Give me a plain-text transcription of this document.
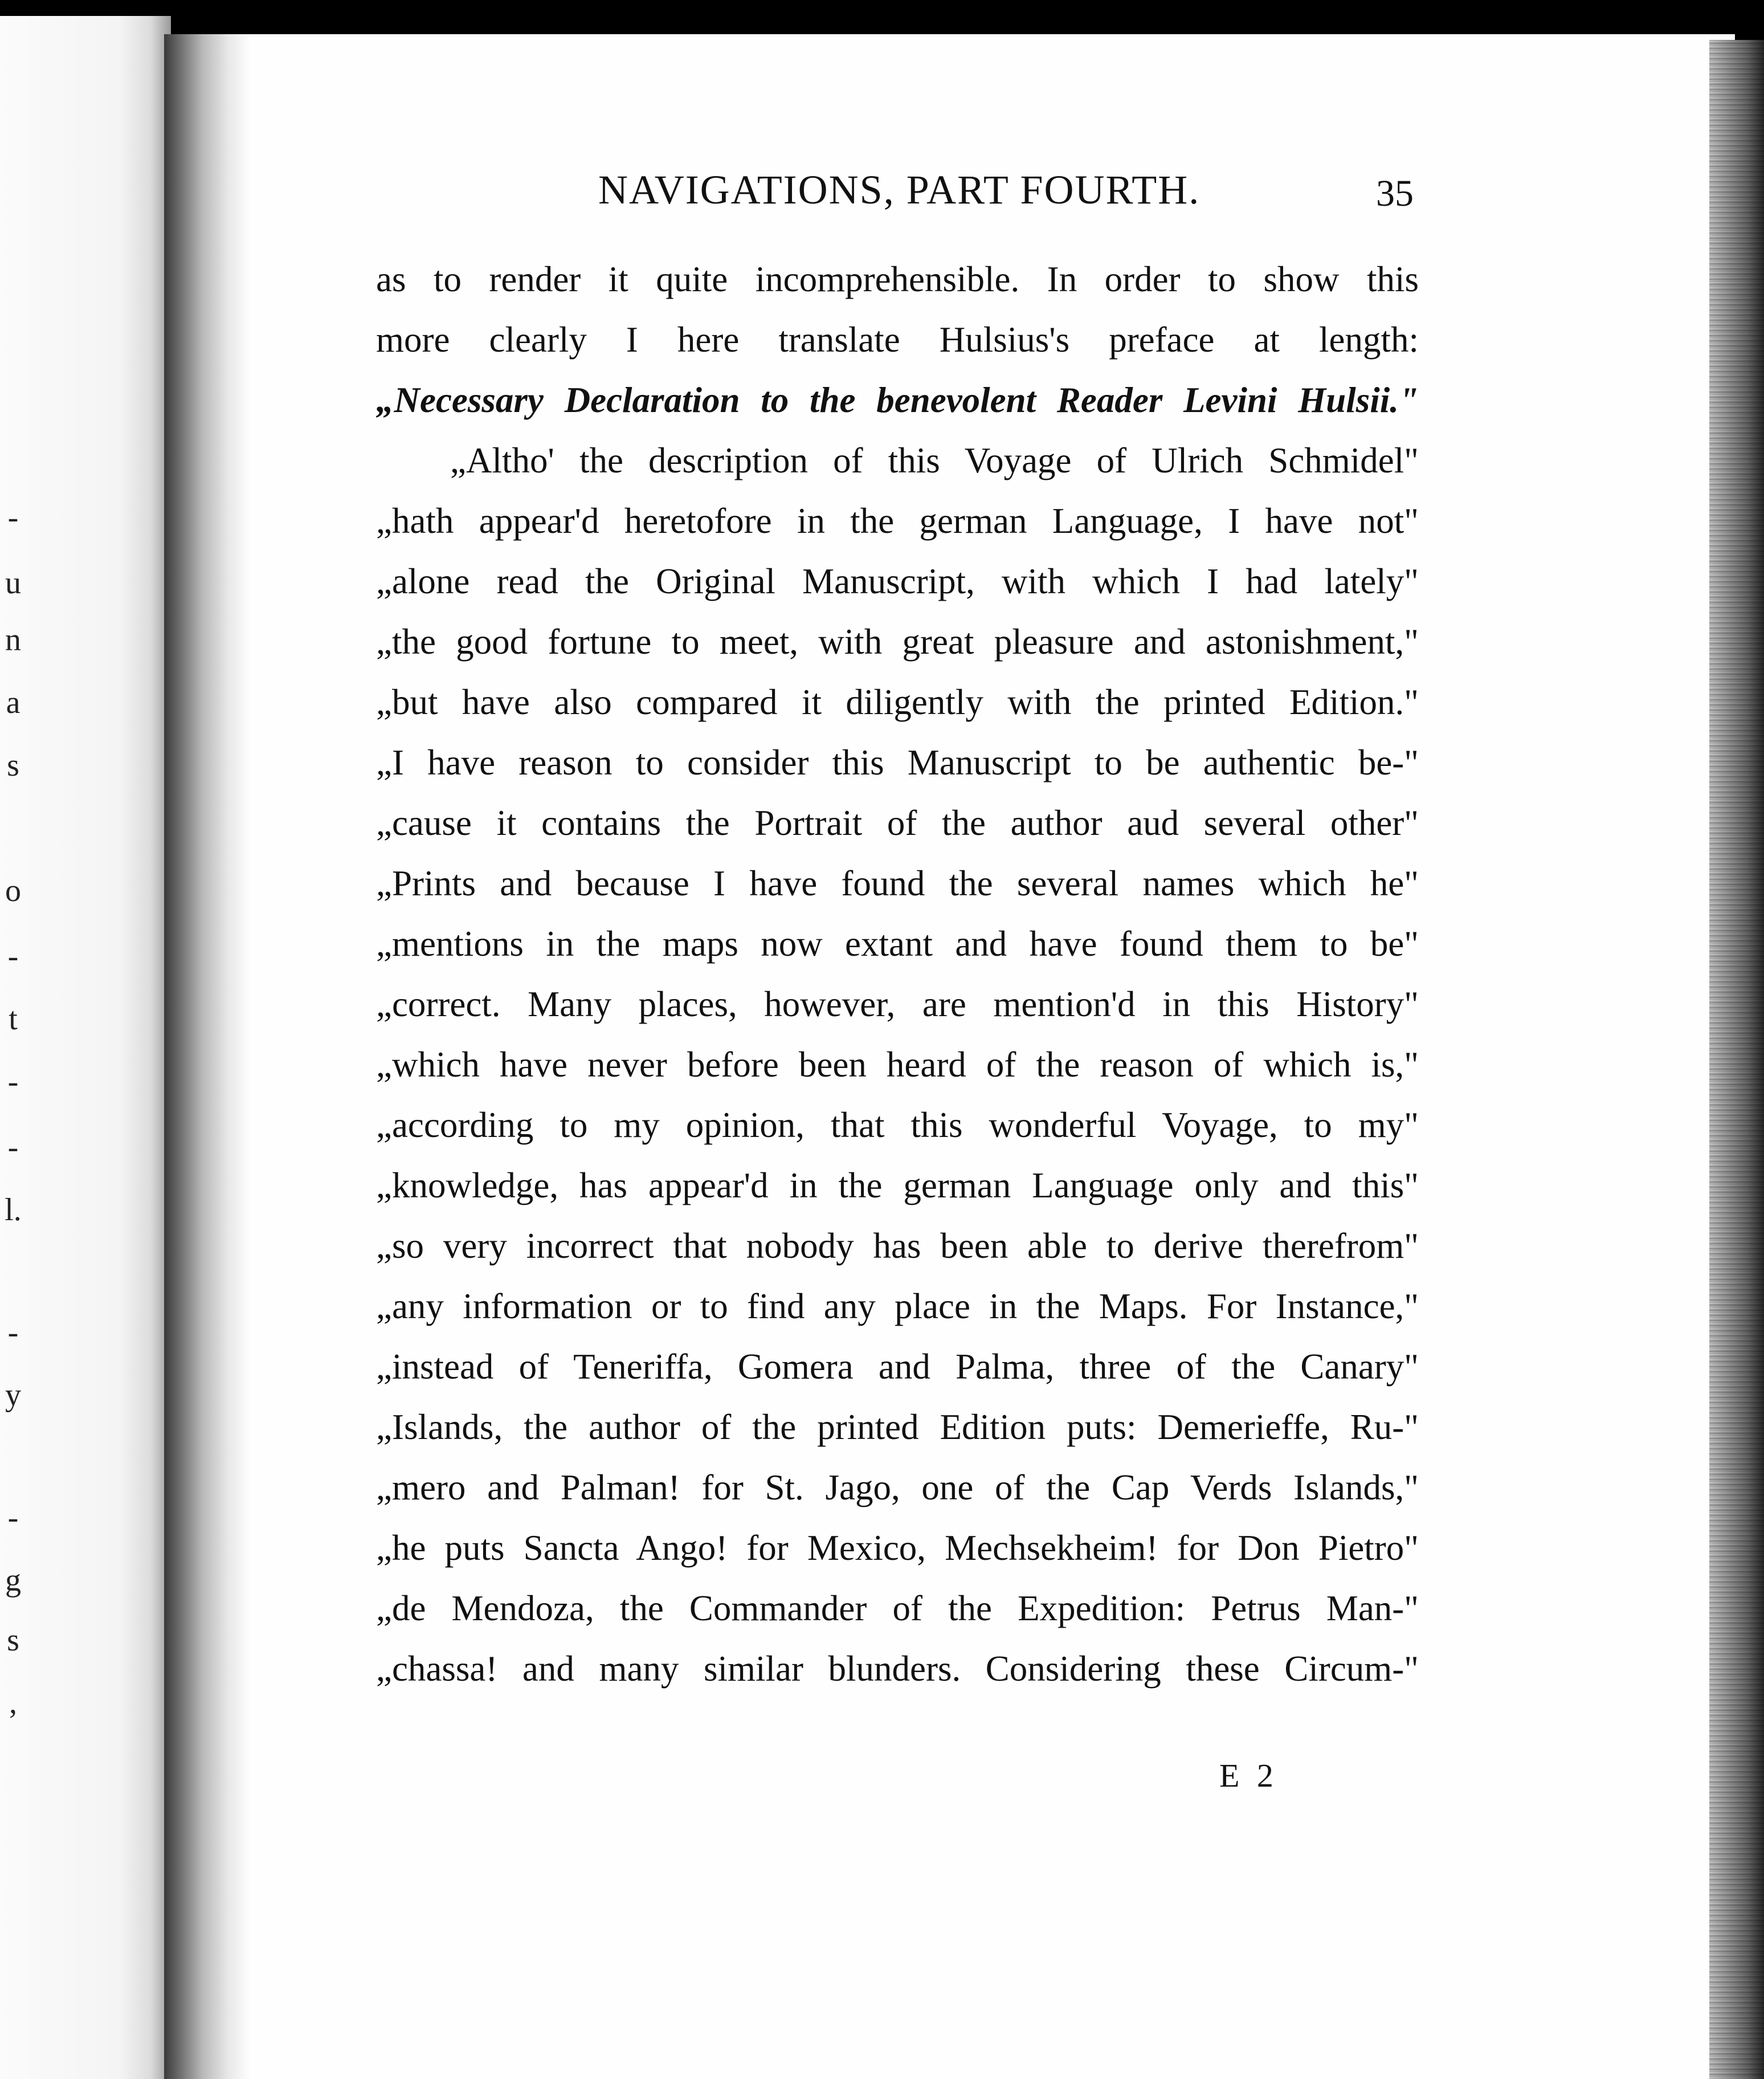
-
u
n
a
s
o
-
t
-
-
l.
-
y
-
g
s
,
NAVIGATIONS, PART FOURTH.	35
as to render it quite incomprehensible. In order to show this
more clearly I here translate Hulsius's preface at length:
„Necessary Declaration to the benevolent Reader Levini Hulsii."
„Altho' the description of this Voyage of Ulrich Schmidel"
„hath appear'd heretofore in the german Language, I have not"
„alone read the Original Manuscript, with which I had lately"
„the good fortune to meet, with great pleasure and astonishment,"
„but have also compared it diligently with the printed Edition."
„I have reason to consider this Manuscript to be authentic be-"
„cause it contains the Portrait of the author aud several other"
„Prints and because I have found the several names which he"
„mentions in the maps now extant and have found them to be"
„correct. Many places, however, are mention'd in this History"
„which have never before been heard of the reason of which is,"
„according to my opinion, that this wonderful Voyage, to my"
„knowledge, has appear'd in the german Language only and this"
„so very incorrect that nobody has been able to derive therefrom"
„any information or to find any place in the Maps. For Instance,"
„instead of Teneriffa, Gomera and Palma, three of the Canary"
„Islands, the author of the printed Edition puts: Demerieffe, Ru-"
„mero and Palman! for St. Jago, one of the Cap Verds Islands,"
„he puts Sancta Ango! for Mexico, Mechsekheim! for Don Pietro"
„de Mendoza, the Commander of the Expedition: Petrus Man-"
„chassa! and many similar blunders. Considering these Circum-"
E 2
